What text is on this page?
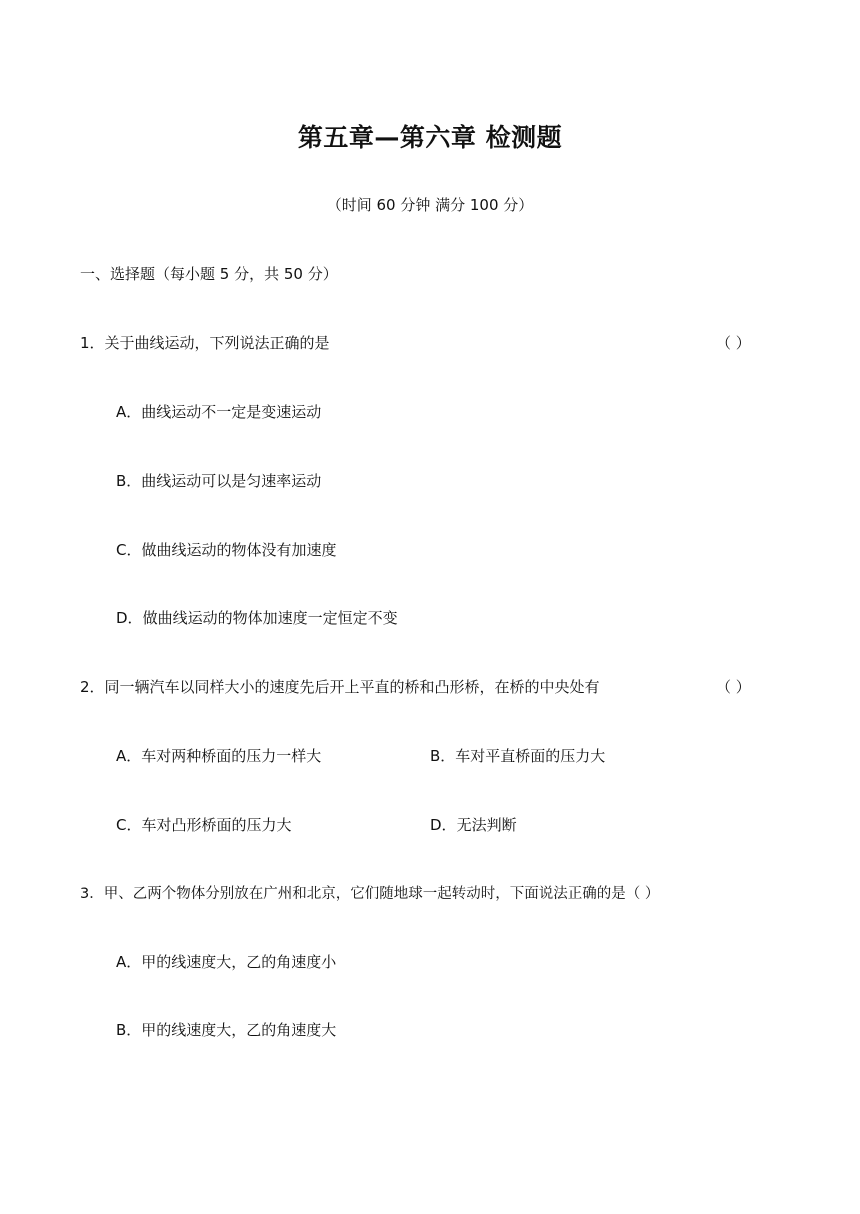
第五章—第六章 检测题
（时间 60 分钟 满分 100 分）
一、选择题（每小题 5 分，共 50 分）
1．关于曲线运动，下列说法正确的是	（ ）
A．曲线运动不一定是变速运动
B．曲线运动可以是匀速率运动
C．做曲线运动的物体没有加速度
D．做曲线运动的物体加速度一定恒定不变
2．同一辆汽车以同样大小的速度先后开上平直的桥和凸形桥，在桥的中央处有	（ ）
A．车对两种桥面的压力一样大	B．车对平直桥面的压力大
C．车对凸形桥面的压力大	D．无法判断
3．甲、乙两个物体分别放在广州和北京，它们随地球一起转动时，下面说法正确的是（ ）
A．甲的线速度大，乙的角速度小
B．甲的线速度大，乙的角速度大
